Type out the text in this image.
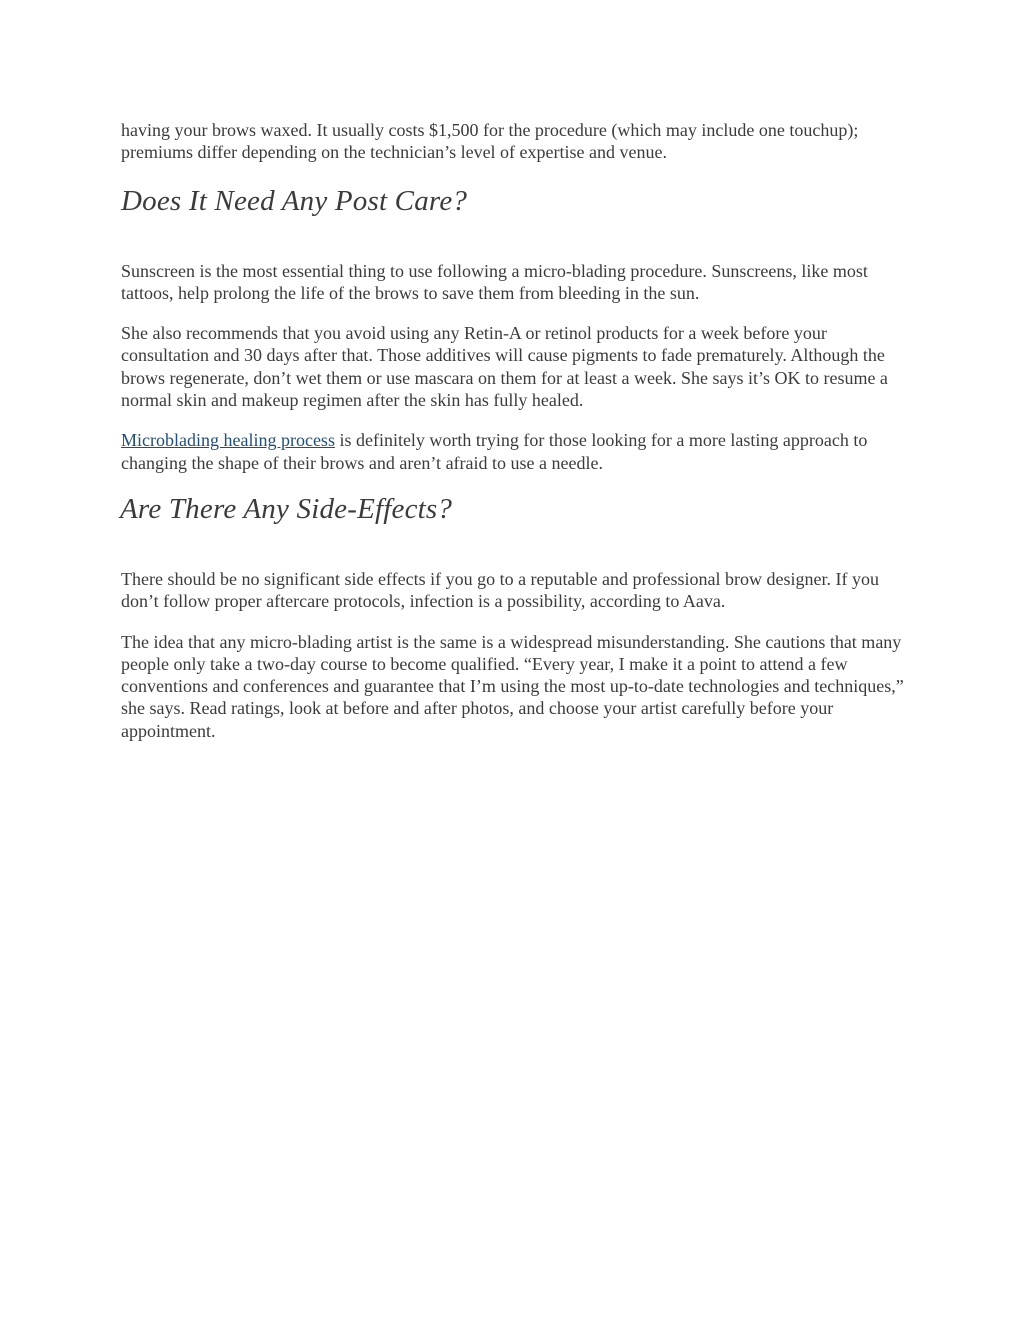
having your brows waxed. It usually costs $1,500 for the procedure (which may include one touchup); premiums differ depending on the technician’s level of expertise and venue.

Does It Need Any Post Care?

Sunscreen is the most essential thing to use following a micro-blading procedure. Sunscreens, like most tattoos, help prolong the life of the brows to save them from bleeding in the sun.

She also recommends that you avoid using any Retin-A or retinol products for a week before your consultation and 30 days after that. Those additives will cause pigments to fade prematurely. Although the brows regenerate, don’t wet them or use mascara on them for at least a week. She says it’s OK to resume a normal skin and makeup regimen after the skin has fully healed.

Microblading healing process is definitely worth trying for those looking for a more lasting approach to changing the shape of their brows and aren’t afraid to use a needle.

Are There Any Side-Effects?

There should be no significant side effects if you go to a reputable and professional brow designer. If you don’t follow proper aftercare protocols, infection is a possibility, according to Aava.

The idea that any micro-blading artist is the same is a widespread misunderstanding. She cautions that many people only take a two-day course to become qualified. “Every year, I make it a point to attend a few conventions and conferences and guarantee that I’m using the most up-to-date technologies and techniques,” she says. Read ratings, look at before and after photos, and choose your artist carefully before your appointment.
